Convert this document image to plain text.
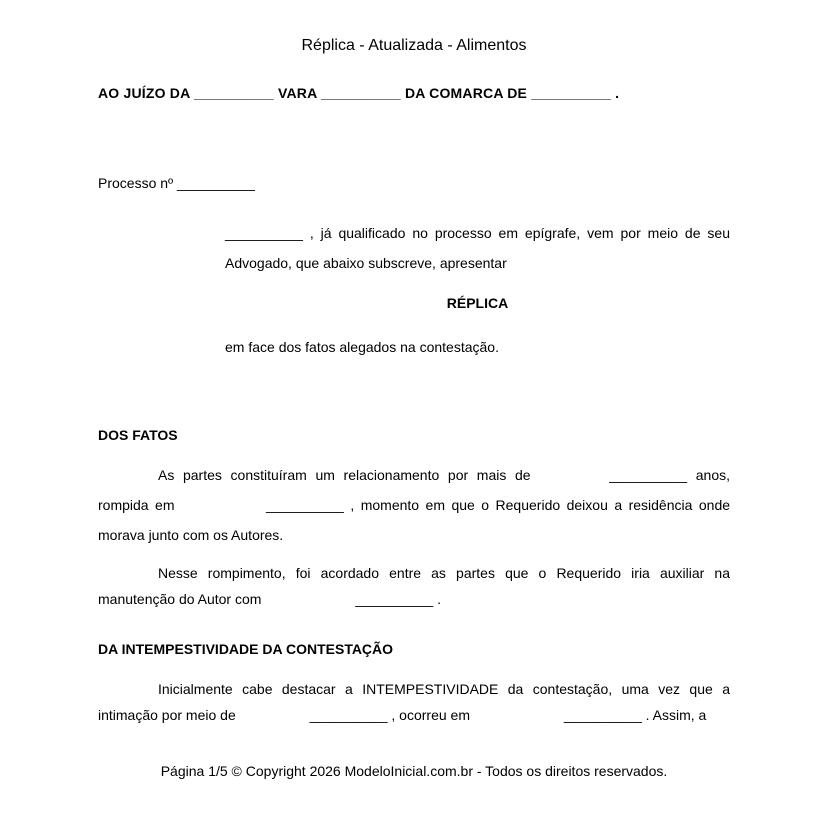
Réplica - Atualizada - Alimentos

AO JUÍZO DA __________ VARA __________ DA COMARCA DE __________ .

Processo nº __________

__________ , já qualificado no processo em epígrafe, vem por meio de seu Advogado, que abaixo subscreve, apresentar

RÉPLICA

em face dos fatos alegados na contestação.

DOS FATOS

As partes constituíram um relacionamento por mais de	__________ anos, rompida em	__________ , momento em que o Requerido deixou a residência onde morava junto com os Autores.

Nesse rompimento, foi acordado entre as partes que o Requerido iria auxiliar na manutenção do Autor com	__________ .

DA INTEMPESTIVIDADE DA CONTESTAÇÃO

Inicialmente cabe destacar a INTEMPESTIVIDADE da contestação, uma vez que a intimação por meio de	__________ , ocorreu em	__________ . Assim, a

Página 1/5 © Copyright 2026 ModeloInicial.com.br - Todos os direitos reservados.
